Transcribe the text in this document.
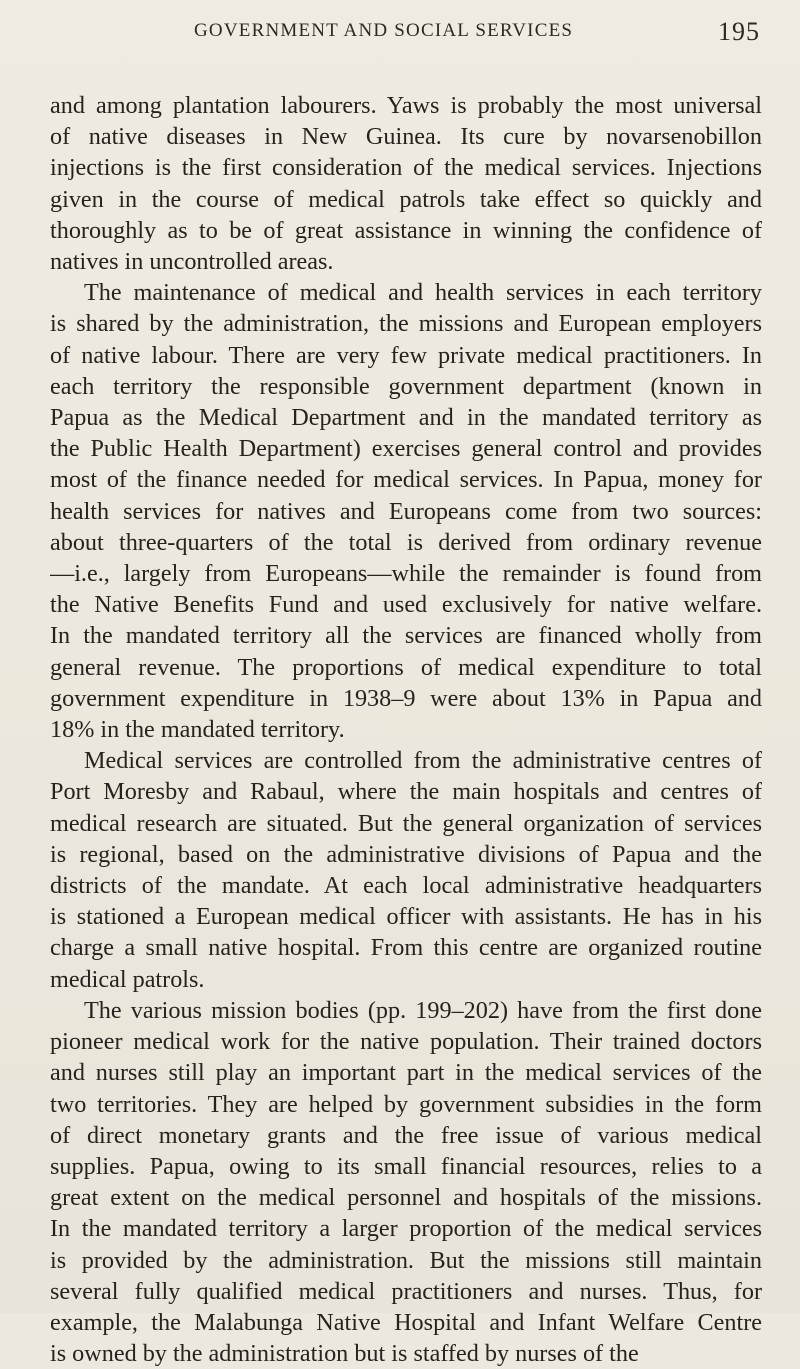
GOVERNMENT AND SOCIAL SERVICES	195
and among plantation labourers. Yaws is probably the most universal
of native diseases in New Guinea. Its cure by novarsenobillon
injections is the first consideration of the medical services. Injections
given in the course of medical patrols take effect so quickly and
thoroughly as to be of great assistance in winning the confidence of
natives in uncontrolled areas.
The maintenance of medical and health services in each territory
is shared by the administration, the missions and European employers
of native labour. There are very few private medical practitioners. In
each territory the responsible government department (known in
Papua as the Medical Department and in the mandated territory as
the Public Health Department) exercises general control and provides
most of the finance needed for medical services. In Papua, money for
health services for natives and Europeans come from two sources:
about three-quarters of the total is derived from ordinary revenue
—i.e., largely from Europeans—while the remainder is found from
the Native Benefits Fund and used exclusively for native welfare.
In the mandated territory all the services are financed wholly from
general revenue. The proportions of medical expenditure to total
government expenditure in 1938–9 were about 13% in Papua and
18% in the mandated territory.
Medical services are controlled from the administrative centres of
Port Moresby and Rabaul, where the main hospitals and centres of
medical research are situated. But the general organization of services
is regional, based on the administrative divisions of Papua and the
districts of the mandate. At each local administrative headquarters
is stationed a European medical officer with assistants. He has in his
charge a small native hospital. From this centre are organized routine
medical patrols.
The various mission bodies (pp. 199–202) have from the first done
pioneer medical work for the native population. Their trained doctors
and nurses still play an important part in the medical services of the
two territories. They are helped by government subsidies in the form
of direct monetary grants and the free issue of various medical
supplies. Papua, owing to its small financial resources, relies to a
great extent on the medical personnel and hospitals of the missions.
In the mandated territory a larger proportion of the medical services
is provided by the administration. But the missions still maintain
several fully qualified medical practitioners and nurses. Thus, for
example, the Malabunga Native Hospital and Infant Welfare Centre
is owned by the administration but is staffed by nurses of the
